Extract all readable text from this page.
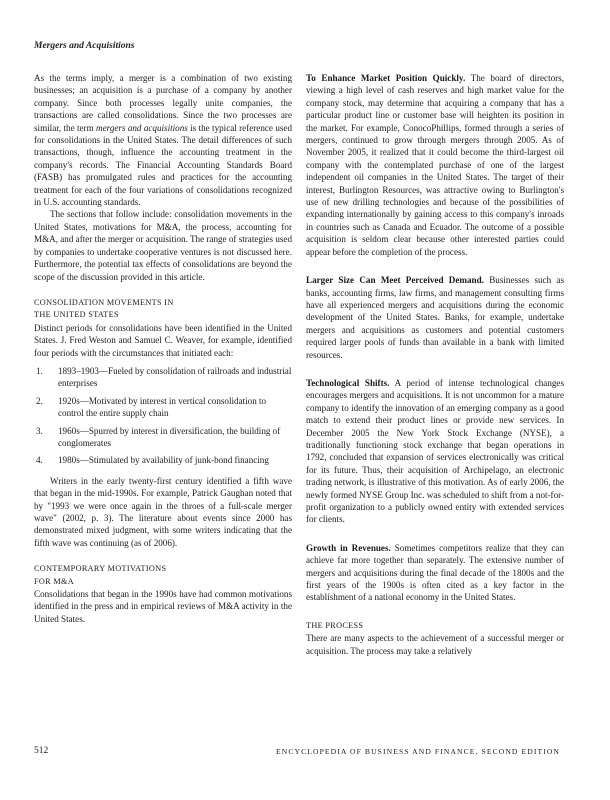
Mergers and Acquisitions

As the terms imply, a merger is a combination of two existing businesses; an acquisition is a purchase of a company by another company. Since both processes legally unite companies, the transactions are called consolidations. Since the two processes are similar, the term mergers and acquisitions is the typical reference used for consolidations in the United States. The detail differences of such transactions, though, influence the accounting treatment in the company's records. The Financial Accounting Standards Board (FASB) has promulgated rules and practices for the accounting treatment for each of the four variations of consolidations recognized in U.S. accounting standards.

The sections that follow include: consolidation movements in the United States, motivations for M&A, the process, accounting for M&A, and after the merger or acquisition. The range of strategies used by companies to undertake cooperative ventures is not discussed here. Furthermore, the potential tax effects of consolidations are beyond the scope of the discussion provided in this article.

CONSOLIDATION MOVEMENTS IN
THE UNITED STATES

Distinct periods for consolidations have been identified in the United States. J. Fred Weston and Samuel C. Weaver, for example, identified four periods with the circumstances that initiated each:

1. 1893–1903—Fueled by consolidation of railroads and industrial enterprises
2. 1920s—Motivated by interest in vertical consolidation to control the entire supply chain
3. 1960s—Spurred by interest in diversification, the building of conglomerates
4. 1980s—Stimulated by availability of junk-bond financing

Writers in the early twenty-first century identified a fifth wave that began in the mid-1990s. For example, Patrick Gaughan noted that by "1993 we were once again in the throes of a full-scale merger wave" (2002, p. 3). The literature about events since 2000 has demonstrated mixed judgment, with some writers indicating that the fifth wave was continuing (as of 2006).

CONTEMPORARY MOTIVATIONS
FOR M&A

Consolidations that began in the 1990s have had common motivations identified in the press and in empirical reviews of M&A activity in the United States.

To Enhance Market Position Quickly. The board of directors, viewing a high level of cash reserves and high market value for the company stock, may determine that acquiring a company that has a particular product line or customer base will heighten its position in the market. For example, ConocoPhillips, formed through a series of mergers, continued to grow through mergers through 2005. As of November 2005, it realized that it could become the third-largest oil company with the contemplated purchase of one of the largest independent oil companies in the United States. The target of their interest, Burlington Resources, was attractive owing to Burlington's use of new drilling technologies and because of the possibilities of expanding internationally by gaining access to this company's inroads in countries such as Canada and Ecuador. The outcome of a possible acquisition is seldom clear because other interested parties could appear before the completion of the process.

Larger Size Can Meet Perceived Demand. Businesses such as banks, accounting firms, law firms, and management consulting firms have all experienced mergers and acquisitions during the economic development of the United States. Banks, for example, undertake mergers and acquisitions as customers and potential customers required larger pools of funds than available in a bank with limited resources.

Technological Shifts. A period of intense technological changes encourages mergers and acquisitions. It is not uncommon for a mature company to identify the innovation of an emerging company as a good match to extend their product lines or provide new services. In December 2005 the New York Stock Exchange (NYSE), a traditionally functioning stock exchange that began operations in 1792, concluded that expansion of services electronically was critical for its future. Thus, their acquisition of Archipelago, an electronic trading network, is illustrative of this motivation. As of early 2006, the newly formed NYSE Group Inc. was scheduled to shift from a not-for-profit organization to a publicly owned entity with extended services for clients.

Growth in Revenues. Sometimes competitors realize that they can achieve far more together than separately. The extensive number of mergers and acquisitions during the final decade of the 1800s and the first years of the 1900s is often cited as a key factor in the establishment of a national economy in the United States.

THE PROCESS

There are many aspects to the achievement of a successful merger or acquisition. The process may take a relatively

512	ENCYCLOPEDIA OF BUSINESS AND FINANCE, SECOND EDITION
